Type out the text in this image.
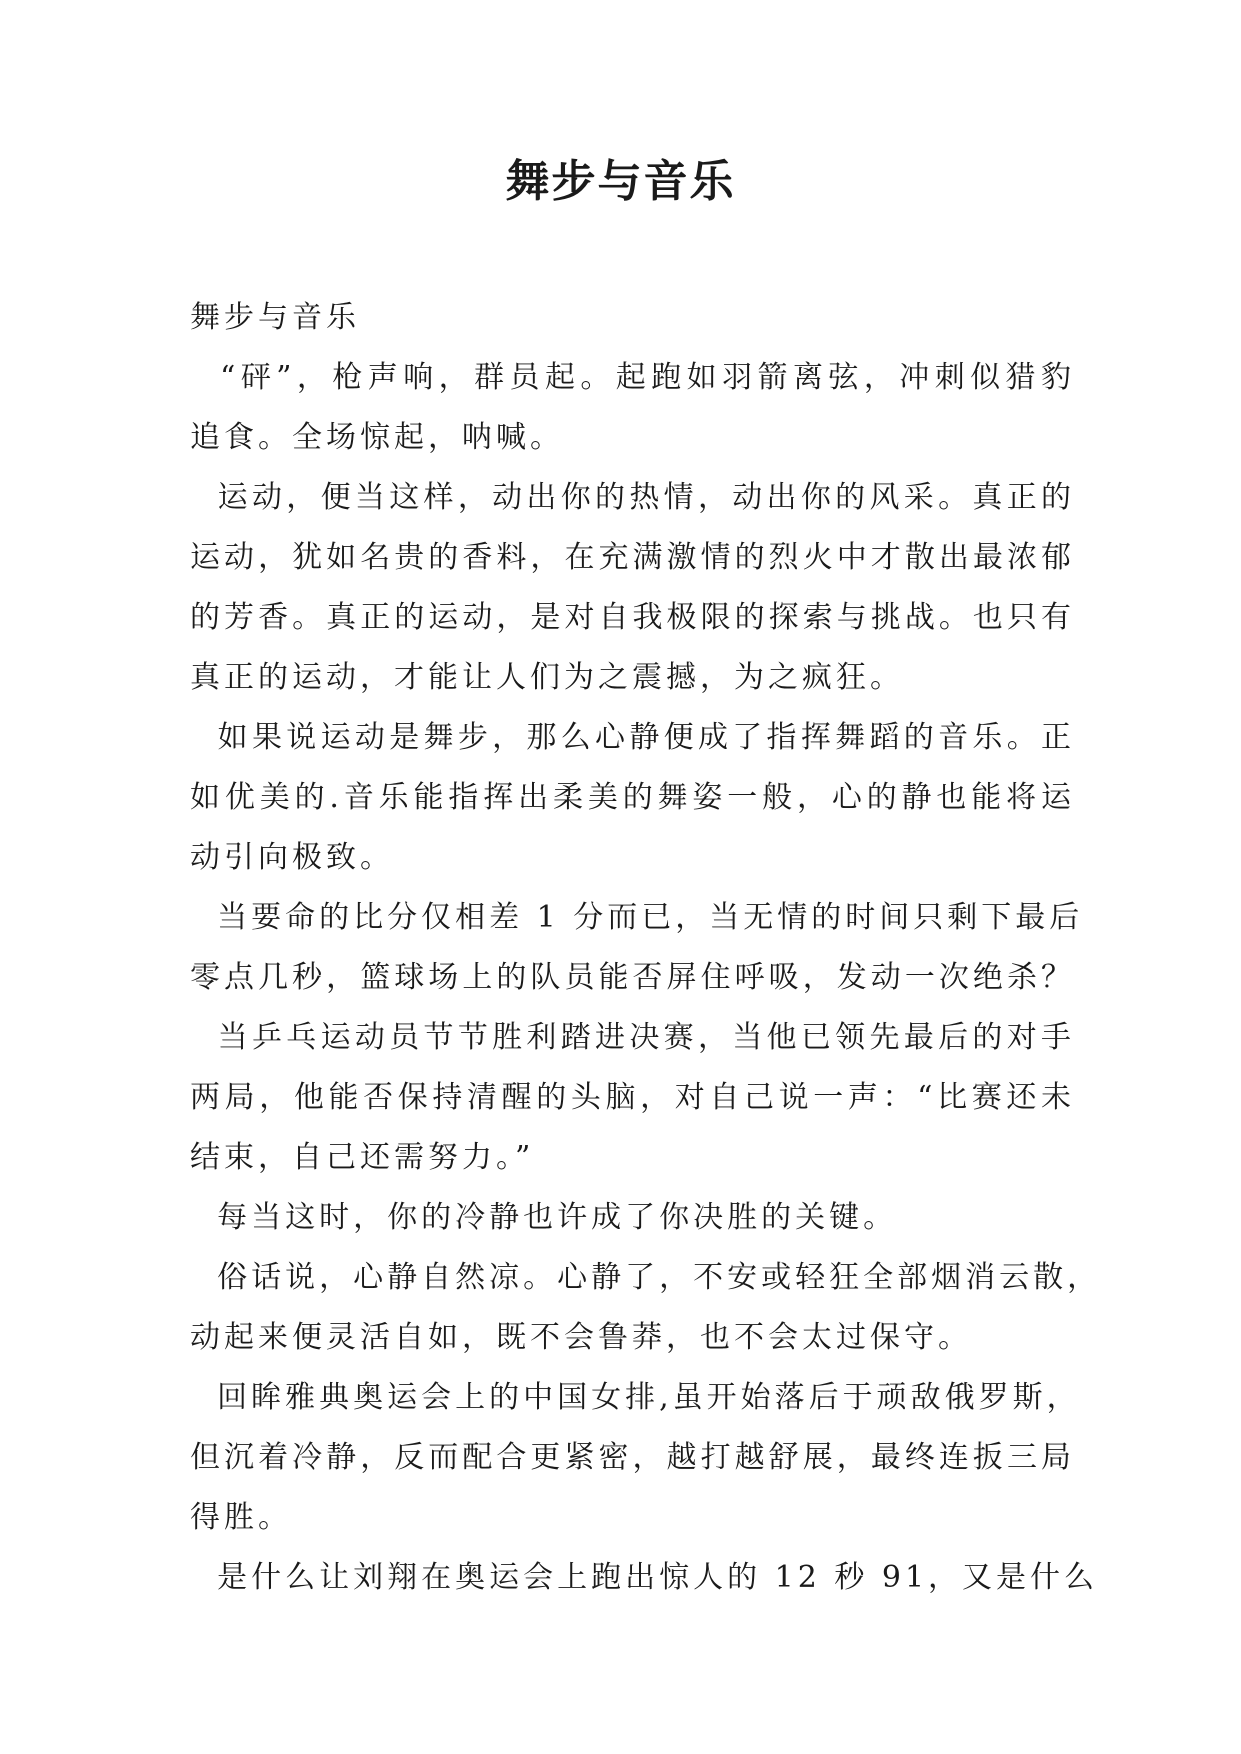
舞步与音乐
舞步与音乐
“砰”，枪声响，群员起。起跑如羽箭离弦，冲刺似猎豹
追食。全场惊起，呐喊。
运动，便当这样，动出你的热情，动出你的风采。真正的
运动，犹如名贵的香料，在充满激情的烈火中才散出最浓郁
的芳香。真正的运动，是对自我极限的探索与挑战。也只有
真正的运动，才能让人们为之震撼，为之疯狂。
如果说运动是舞步，那么心静便成了指挥舞蹈的音乐。正
如优美的.音乐能指挥出柔美的舞姿一般，心的静也能将运
动引向极致。
当要命的比分仅相差 1 分而已，当无情的时间只剩下最后
零点几秒，篮球场上的队员能否屏住呼吸，发动一次绝杀？
当乒乓运动员节节胜利踏进决赛，当他已领先最后的对手
两局，他能否保持清醒的头脑，对自己说一声：“比赛还未
结束，自己还需努力。”
每当这时，你的冷静也许成了你决胜的关键。
俗话说，心静自然凉。心静了，不安或轻狂全部烟消云散，
动起来便灵活自如，既不会鲁莽，也不会太过保守。
回眸雅典奥运会上的中国女排,虽开始落后于顽敌俄罗斯，
但沉着冷静，反而配合更紧密，越打越舒展，最终连扳三局
得胜。
是什么让刘翔在奥运会上跑出惊人的 12 秒 91，又是什么
